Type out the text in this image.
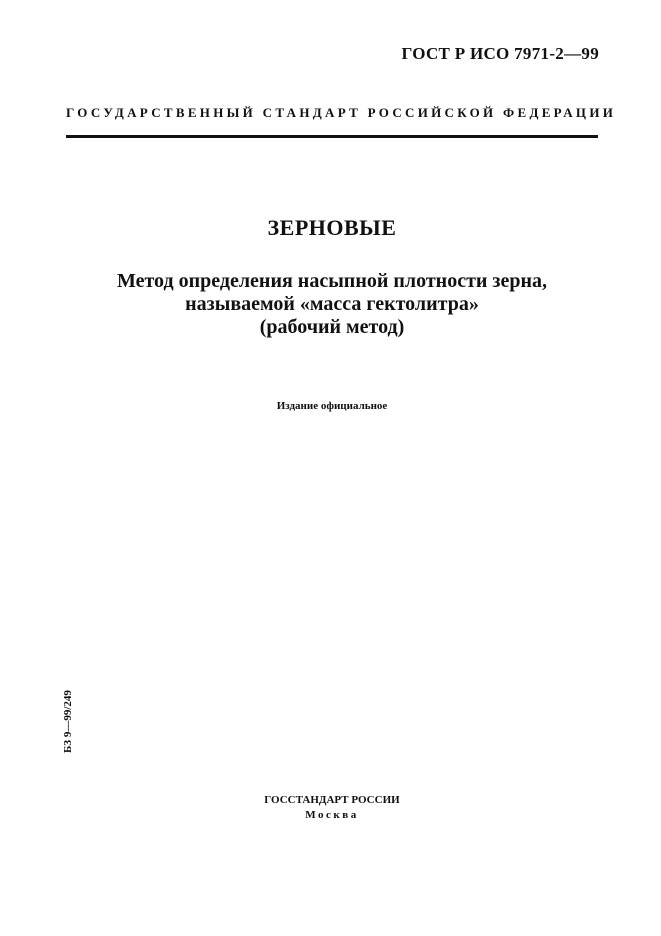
ГОСТ Р ИСО 7971-2—99
ГОСУДАРСТВЕННЫЙ СТАНДАРТ РОССИЙСКОЙ ФЕДЕРАЦИИ
ЗЕРНОВЫЕ
Метод определения насыпной плотности зерна,
называемой «масса гектолитра»
(рабочий метод)
Издание официальное
БЗ 9—99/249
ГОССТАНДАРТ РОССИИ
Москва
